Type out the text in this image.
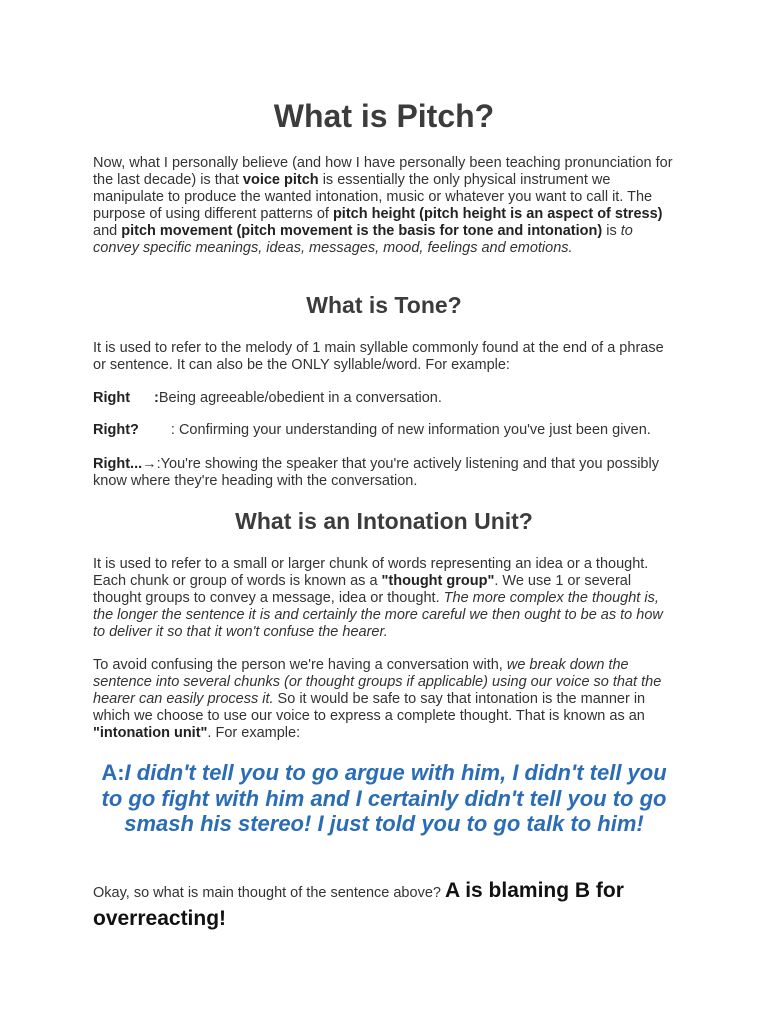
What is Pitch?

Now, what I personally believe (and how I have personally been teaching pronunciation for the last decade) is that voice pitch is essentially the only physical instrument we manipulate to produce the wanted intonation, music or whatever you want to call it. The purpose of using different patterns of pitch height (pitch height is an aspect of stress) and pitch movement (pitch movement is the basis for tone and intonation) is to convey specific meanings, ideas, messages, mood, feelings and emotions.

What is Tone?

It is used to refer to the melody of 1 main syllable commonly found at the end of a phrase or sentence. It can also be the ONLY syllable/word. For example:

Right :Being agreeable/obedient in a conversation.
Right? : Confirming your understanding of new information you've just been given.
Right...→:You're showing the speaker that you're actively listening and that you possibly know where they're heading with the conversation.
What is an Intonation Unit?

It is used to refer to a small or larger chunk of words representing an idea or a thought. Each chunk or group of words is known as a "thought group". We use 1 or several thought groups to convey a message, idea or thought. The more complex the thought is, the longer the sentence it is and certainly the more careful we then ought to be as to how to deliver it so that it won't confuse the hearer.

To avoid confusing the person we're having a conversation with, we break down the sentence into several chunks (or thought groups if applicable) using our voice so that the hearer can easily process it. So it would be safe to say that intonation is the manner in which we choose to use our voice to express a complete thought. That is known as an "intonation unit". For example:

A:I didn't tell you to go argue with him, I didn't tell you to go fight with him and I certainly didn't tell you to go smash his stereo! I just told you to go talk to him!
Okay, so what is main thought of the sentence above? A is blaming B for overreacting!
